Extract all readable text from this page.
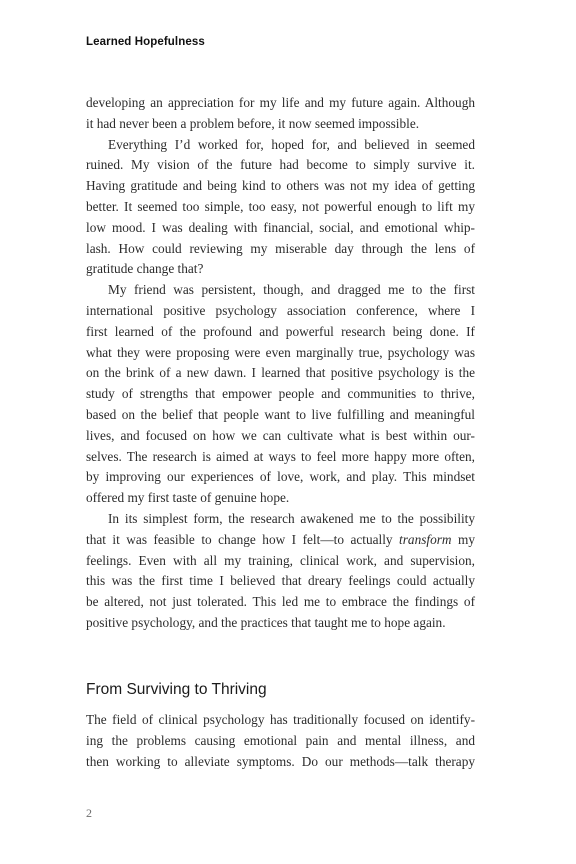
Learned Hopefulness
developing an appreciation for my life and my future again. Although
it had never been a problem before, it now seemed impossible.
Everything I’d worked for, hoped for, and believed in seemed
ruined. My vision of the future had become to simply survive it.
Having gratitude and being kind to others was not my idea of getting
better. It seemed too simple, too easy, not powerful enough to lift my
low mood. I was dealing with financial, social, and emotional whip-
lash. How could reviewing my miserable day through the lens of
gratitude change that?
My friend was persistent, though, and dragged me to the first
international positive psychology association conference, where I
first learned of the profound and powerful research being done. If
what they were proposing were even marginally true, psychology was
on the brink of a new dawn. I learned that positive psychology is the
study of strengths that empower people and communities to thrive,
based on the belief that people want to live fulfilling and meaningful
lives, and focused on how we can cultivate what is best within our-
selves. The research is aimed at ways to feel more happy more often,
by improving our experiences of love, work, and play. This mindset
offered my first taste of genuine hope.
In its simplest form, the research awakened me to the possibility
that it was feasible to change how I felt—to actually transform my
feelings. Even with all my training, clinical work, and supervision,
this was the first time I believed that dreary feelings could actually
be altered, not just tolerated. This led me to embrace the findings of
positive psychology, and the practices that taught me to hope again.
From Surviving to Thriving
The field of clinical psychology has traditionally focused on identify-
ing the problems causing emotional pain and mental illness, and
then working to alleviate symptoms. Do our methods—talk therapy
2
